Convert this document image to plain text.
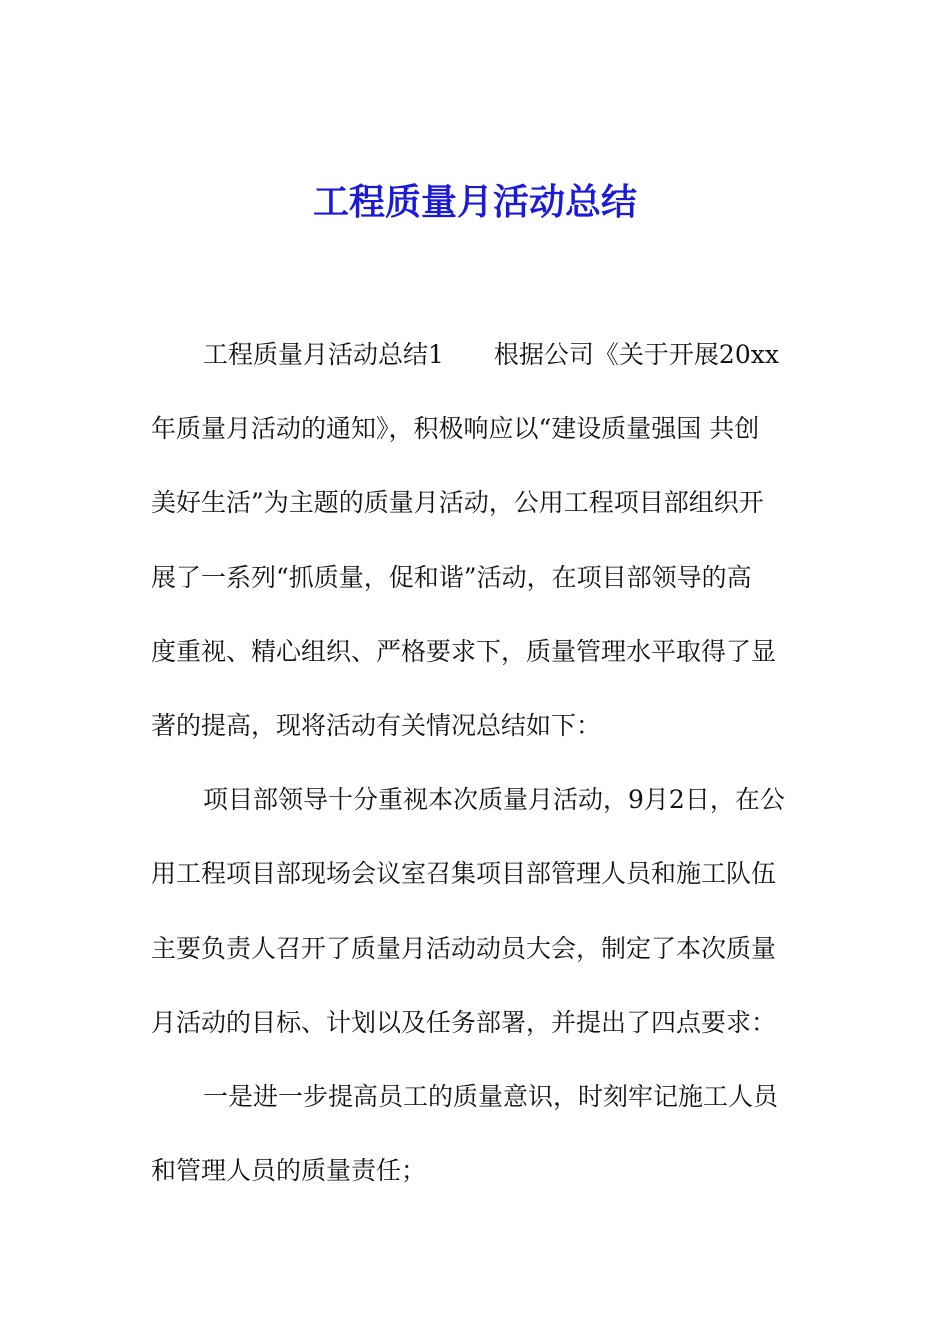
工程质量月活动总结
工程质量月活动总结1　　根据公司《关于开展20xx
年质量月活动的通知》，积极响应以“建设质量强国 共创
美好生活”为主题的质量月活动，公用工程项目部组织开
展了一系列“抓质量，促和谐”活动，在项目部领导的高
度重视、精心组织、严格要求下，质量管理水平取得了显
著的提高，现将活动有关情况总结如下：
项目部领导十分重视本次质量月活动，9月2日，在公
用工程项目部现场会议室召集项目部管理人员和施工队伍
主要负责人召开了质量月活动动员大会，制定了本次质量
月活动的目标、计划以及任务部署，并提出了四点要求：
一是进一步提高员工的质量意识，时刻牢记施工人员
和管理人员的质量责任；
